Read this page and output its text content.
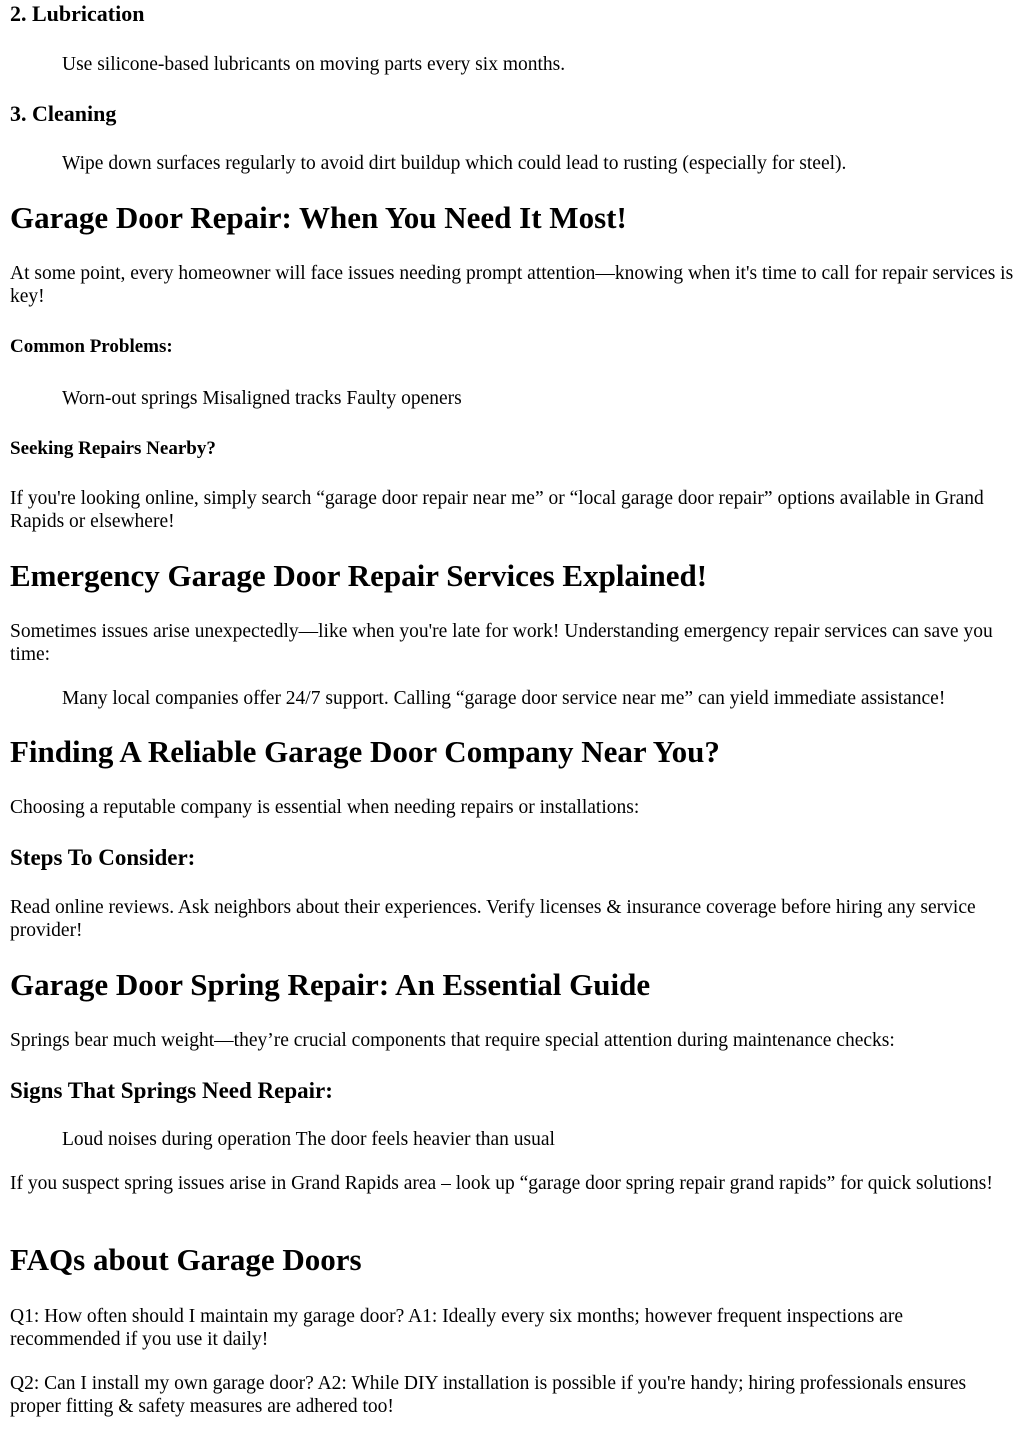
2. Lubrication
Use silicone-based lubricants on moving parts every six months.
3. Cleaning
Wipe down surfaces regularly to avoid dirt buildup which could lead to rusting (especially for steel).
Garage Door Repair: When You Need It Most!

At some point, every homeowner will face issues needing prompt attention—knowing when it's time to call for repair services is key!

Common Problems:
Worn-out springs Misaligned tracks Faulty openers
Seeking Repairs Nearby?

If you're looking online, simply search “garage door repair near me” or “local garage door repair” options available in Grand Rapids or elsewhere!

Emergency Garage Door Repair Services Explained!

Sometimes issues arise unexpectedly—like when you're late for work! Understanding emergency repair services can save you time:

Many local companies offer 24/7 support. Calling “garage door service near me” can yield immediate assistance!
Finding A Reliable Garage Door Company Near You?

Choosing a reputable company is essential when needing repairs or installations:

Steps To Consider:

Read online reviews. Ask neighbors about their experiences. Verify licenses & insurance coverage before hiring any service provider!

Garage Door Spring Repair: An Essential Guide

Springs bear much weight—they’re crucial components that require special attention during maintenance checks:

Signs That Springs Need Repair:
Loud noises during operation The door feels heavier than usual

If you suspect spring issues arise in Grand Rapids area – look up “garage door spring repair grand rapids” for quick solutions!

FAQs about Garage Doors

Q1: How often should I maintain my garage door? A1: Ideally every six months; however frequent inspections are recommended if you use it daily!

Q2: Can I install my own garage door? A2: While DIY installation is possible if you're handy; hiring professionals ensures proper fitting & safety measures are adhered too!
